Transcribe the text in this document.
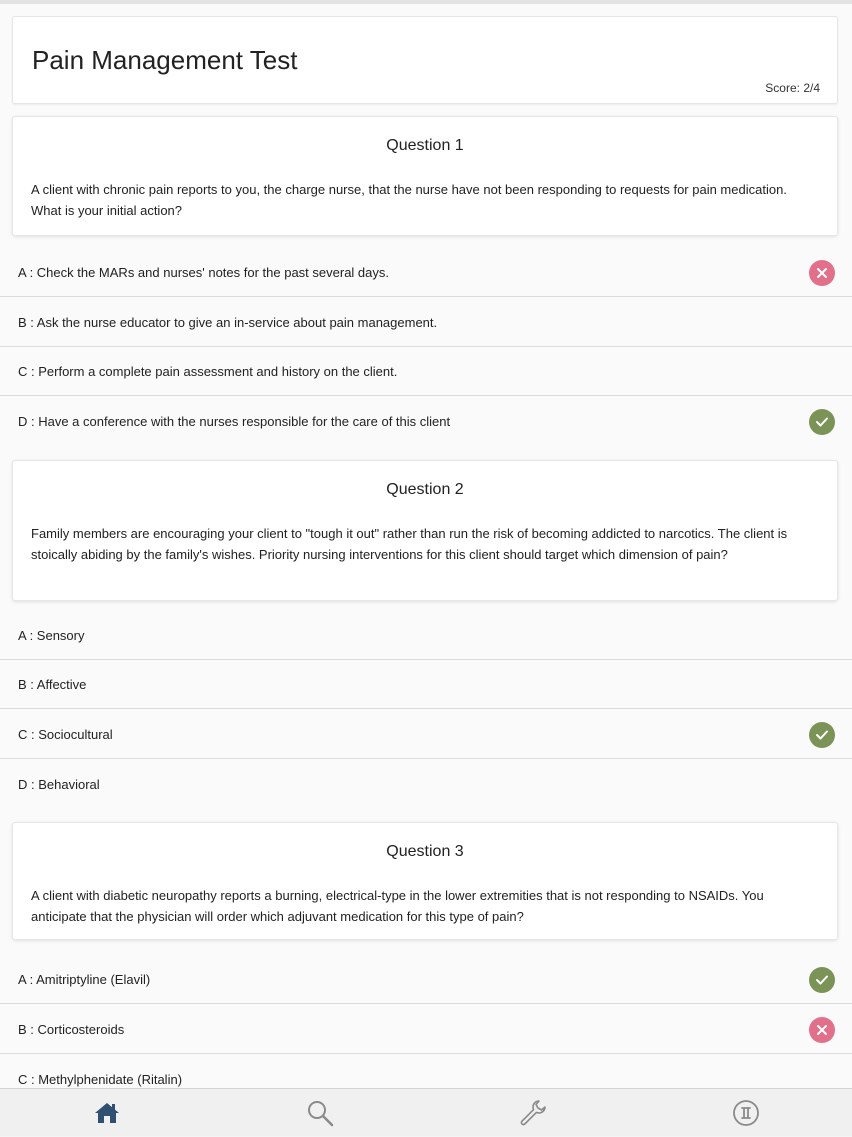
Pain Management Test
Score: 2/4
Question 1
A client with chronic pain reports to you, the charge nurse, that the nurse have not been responding to requests for pain medication. What is your initial action?
A : Check the MARs and nurses' notes for the past several days.
B : Ask the nurse educator to give an in-service about pain management.
C : Perform a complete pain assessment and history on the client.
D : Have a conference with the nurses responsible for the care of this client
Question 2
Family members are encouraging your client to "tough it out" rather than run the risk of becoming addicted to narcotics. The client is stoically abiding by the family's wishes. Priority nursing interventions for this client should target which dimension of pain?
A : Sensory
B : Affective
C : Sociocultural
D : Behavioral
Question 3
A client with diabetic neuropathy reports a burning, electrical-type in the lower extremities that is not responding to NSAIDs. You anticipate that the physician will order which adjuvant medication for this type of pain?
A : Amitriptyline (Elavil)
B : Corticosteroids
C : Methylphenidate (Ritalin)
